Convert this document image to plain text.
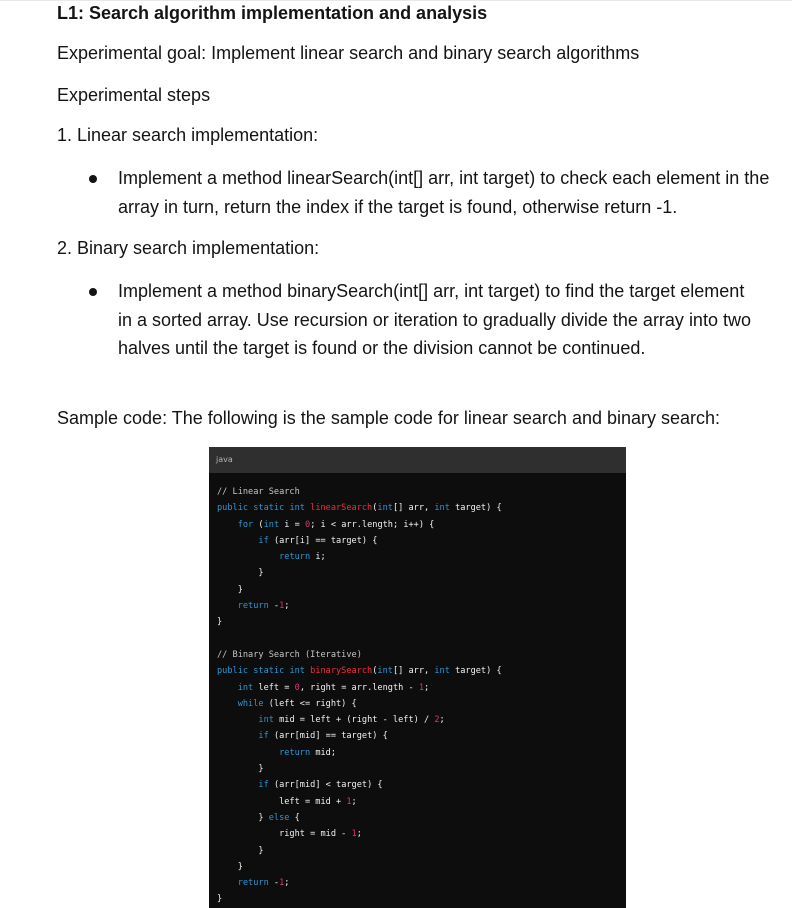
L1: Search algorithm implementation and analysis
Experimental goal: Implement linear search and binary search algorithms
Experimental steps
1. Linear search implementation:
Implement a method linearSearch(int[] arr, int target) to check each element in the array in turn, return the index if the target is found, otherwise return -1.
2. Binary search implementation:
Implement a method binarySearch(int[] arr, int target) to find the target element in a sorted array. Use recursion or iteration to gradually divide the array into two halves until the target is found or the division cannot be continued.
Sample code: The following is the sample code for linear search and binary search:
java
// Linear Search
public static int linearSearch(int[] arr, int target) {
for (int i = 0; i < arr.length; i++) {
if (arr[i] == target) {
return i;
}
}
return -1;
}
// Binary Search (Iterative)
public static int binarySearch(int[] arr, int target) {
int left = 0, right = arr.length - 1;
while (left <= right) {
int mid = left + (right - left) / 2;
if (arr[mid] == target) {
return mid;
}
if (arr[mid] < target) {
left = mid + 1;
} else {
right = mid - 1;
}
}
return -1;
}
